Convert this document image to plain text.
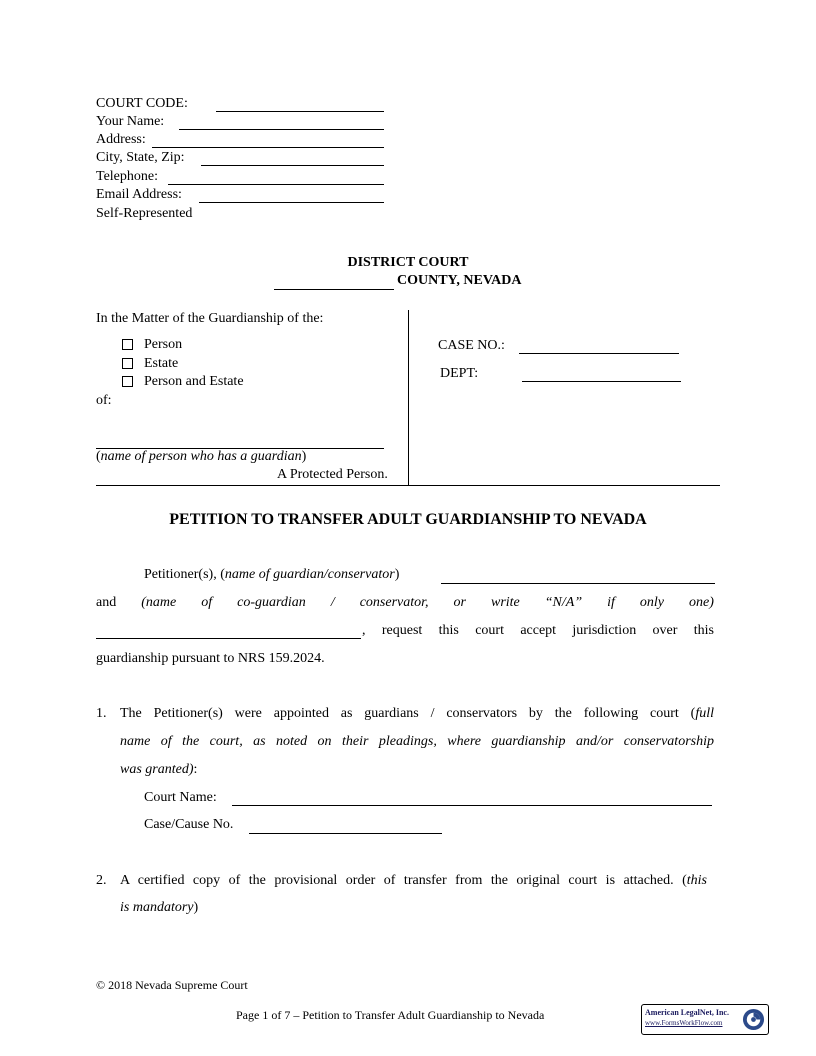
COURT CODE:
Your Name:
Address:
City, State, Zip:
Telephone:
Email Address:
Self-Represented
DISTRICT COURT
COUNTY, NEVADA
In the Matter of the Guardianship of the:
Person
Estate
Person and Estate
of:
(name of person who has a guardian)
A Protected Person.
CASE NO.:
DEPT:
PETITION TO TRANSFER ADULT GUARDIANSHIP TO NEVADA
Petitioner(s), (name of guardian/conservator)
and (name of co-guardian / conservator, or write “N/A” if only one)
, request this court accept jurisdiction over this
guardianship pursuant to NRS 159.2024.
1. The Petitioner(s) were appointed as guardians / conservators by the following court (full
name of the court, as noted on their pleadings, where guardianship and/or conservatorship
was granted):
Court Name:
Case/Cause No.
2. A certified copy of the provisional order of transfer from the original court is attached. (this
is mandatory)
© 2018 Nevada Supreme Court
Page 1 of 7 – Petition to Transfer Adult Guardianship to Nevada	American LegalNet, Inc.
www.FormsWorkFlow.com
